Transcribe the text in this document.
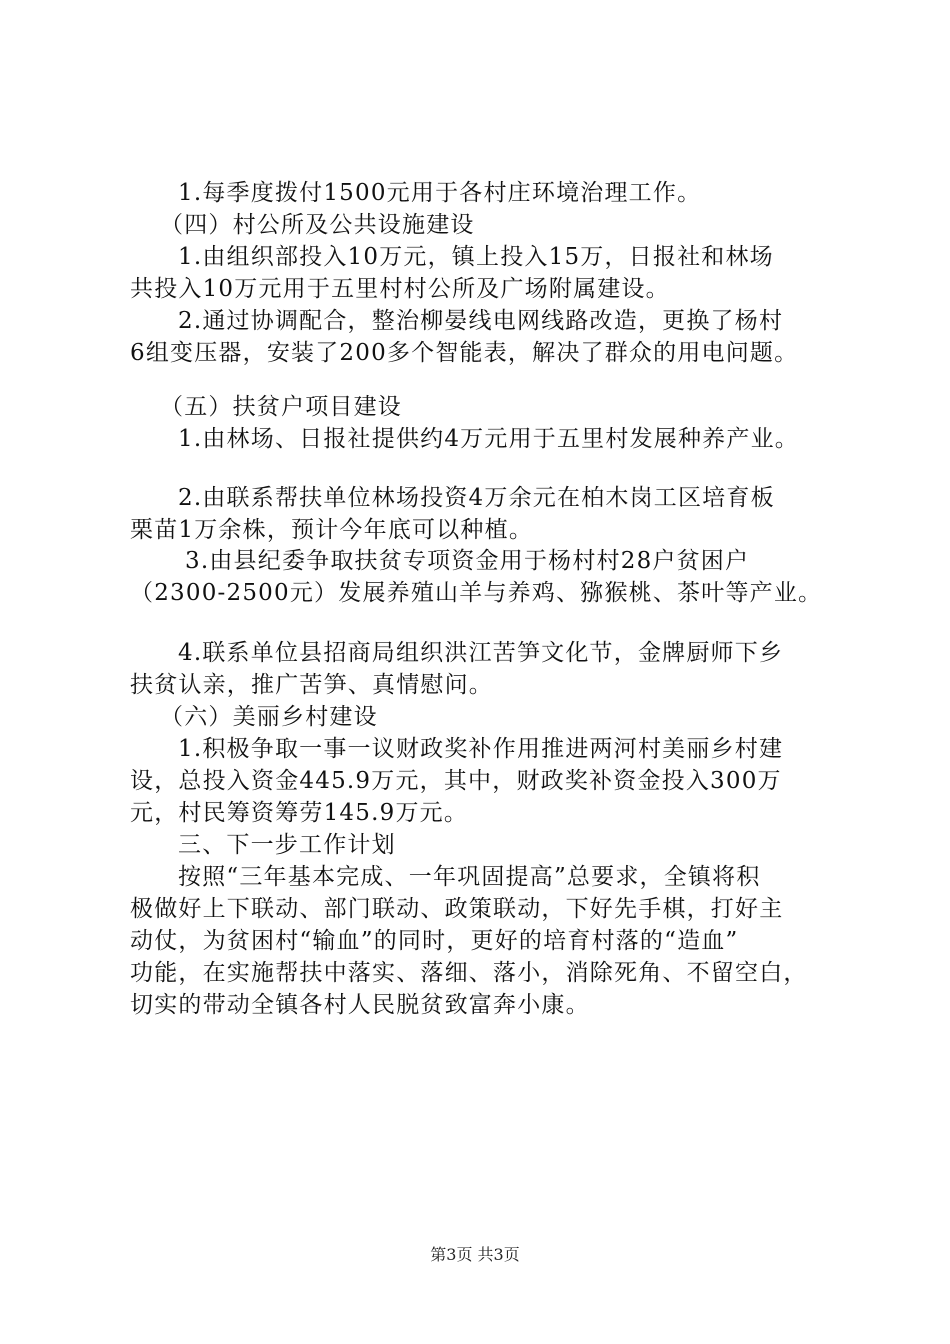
1.每季度拨付1500元用于各村庄环境治理工作。
（四）村公所及公共设施建设
1.由组织部投入10万元，镇上投入15万，日报社和林场
共投入10万元用于五里村村公所及广场附属建设。
2.通过协调配合，整治柳晏线电网线路改造，更换了杨村
6组变压器，安装了200多个智能表，解决了群众的用电问题。
（五）扶贫户项目建设
1.由林场、日报社提供约4万元用于五里村发展种养产业。
2.由联系帮扶单位林场投资4万余元在柏木岗工区培育板
栗苗1万余株，预计今年底可以种植。
3.由县纪委争取扶贫专项资金用于杨村村28户贫困户
（2300-2500元）发展养殖山羊与养鸡、猕猴桃、茶叶等产业。
4.联系单位县招商局组织洪江苦笋文化节，金牌厨师下乡
扶贫认亲，推广苦笋、真情慰问。
（六）美丽乡村建设
1.积极争取一事一议财政奖补作用推进两河村美丽乡村建
设，总投入资金445.9万元，其中，财政奖补资金投入300万
元，村民筹资筹劳145.9万元。
三、下一步工作计划
按照“三年基本完成、一年巩固提高”总要求，全镇将积
极做好上下联动、部门联动、政策联动，下好先手棋，打好主
动仗，为贫困村“输血”的同时，更好的培育村落的“造血”
功能，在实施帮扶中落实、落细、落小，消除死角、不留空白，
切实的带动全镇各村人民脱贫致富奔小康。
第3页 共3页
